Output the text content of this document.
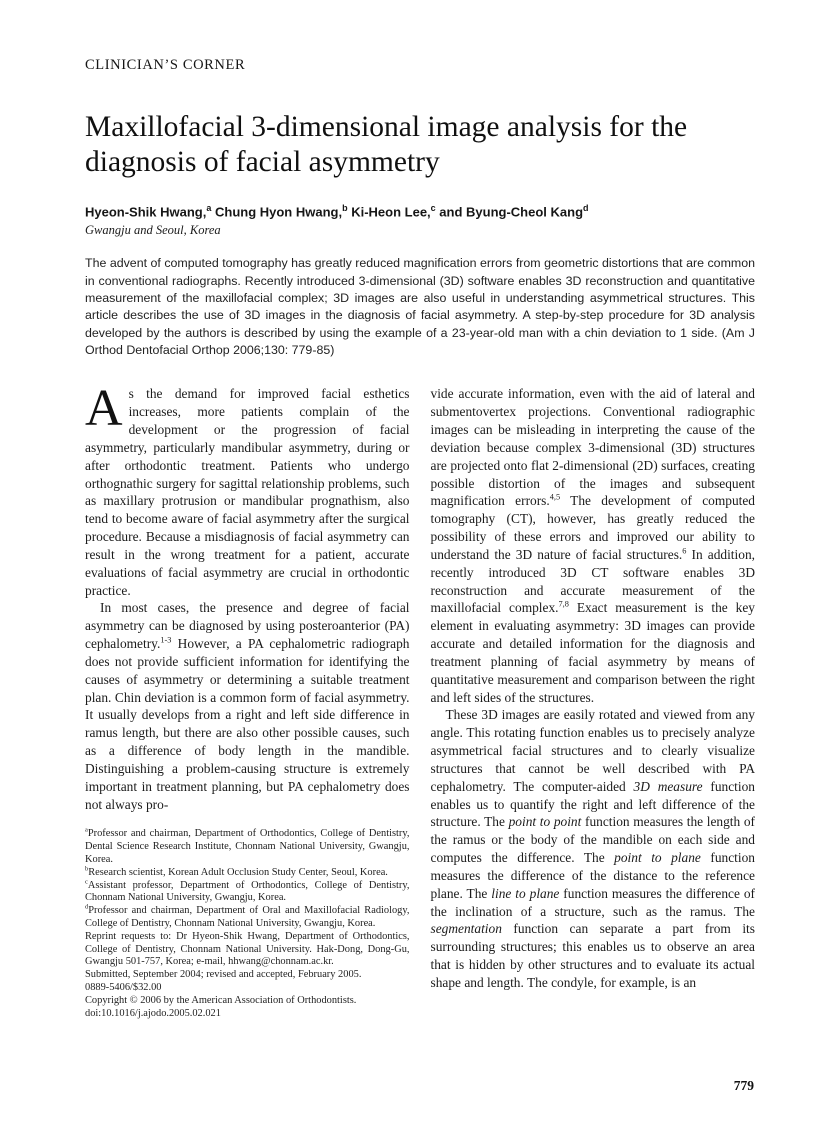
CLINICIAN’S CORNER
Maxillofacial 3-dimensional image analysis for the diagnosis of facial asymmetry
Hyeon-Shik Hwang,$^a$ Chung Hyon Hwang,$^b$ Ki-Heon Lee,$^c$ and Byung-Cheol Kang$^d$
Gwangju and Seoul, Korea

The advent of computed tomography has greatly reduced magnification errors from geometric distortions that are common in conventional radiographs. Recently introduced 3-dimensional (3D) software enables 3D reconstruction and quantitative measurement of the maxillofacial complex; 3D images are also useful in understanding asymmetrical structures. This article describes the use of 3D images in the diagnosis of facial asymmetry. A step-by-step procedure for 3D analysis developed by the authors is described by using the example of a 23-year-old man with a chin deviation to 1 side. (Am J Orthod Dentofacial Orthop 2006;130: 779-85)

As the demand for improved facial esthetics increases, more patients complain of the development or the progression of facial asymmetry, particularly mandibular asymmetry, during or after orthodontic treatment. Patients who undergo orthognathic surgery for sagittal relationship problems, such as maxillary protrusion or mandibular prognathism, also tend to become aware of facial asymmetry after the surgical procedure. Because a misdiagnosis of facial asymmetry can result in the wrong treatment for a patient, accurate evaluations of facial asymmetry are crucial in orthodontic practice.

In most cases, the presence and degree of facial asymmetry can be diagnosed by using posteroanterior (PA) cephalometry.$^{1-3}$ However, a PA cephalometric radiograph does not provide sufficient information for identifying the causes of asymmetry or determining a suitable treatment plan. Chin deviation is a common form of facial asymmetry. It usually develops from a right and left side difference in ramus length, but there are also other possible causes, such as a difference of body length in the mandible. Distinguishing a problem-causing structure is extremely important in treatment planning, but PA cephalometry does not always pro-

$^a$Professor and chairman, Department of Orthodontics, College of Dentistry, Dental Science Research Institute, Chonnam National University, Gwangju, Korea.

$^b$Research scientist, Korean Adult Occlusion Study Center, Seoul, Korea.

$^c$Assistant professor, Department of Orthodontics, College of Dentistry, Chonnam National University, Gwangju, Korea.

$^d$Professor and chairman, Department of Oral and Maxillofacial Radiology, College of Dentistry, Chonnam National University, Gwangju, Korea.

Reprint requests to: Dr Hyeon-Shik Hwang, Department of Orthodontics, College of Dentistry, Chonnam National University. Hak-Dong, Dong-Gu, Gwangju 501-757, Korea; e-mail, hhwang@chonnam.ac.kr.

Submitted, September 2004; revised and accepted, February 2005.

0889-5406/$32.00

Copyright © 2006 by the American Association of Orthodontists.

doi:10.1016/j.ajodo.2005.02.021

vide accurate information, even with the aid of lateral and submentovertex projections. Conventional radiographic images can be misleading in interpreting the cause of the deviation because complex 3-dimensional (3D) structures are projected onto flat 2-dimensional (2D) surfaces, creating possible distortion of the images and subsequent magnification errors.$^{4,5}$ The development of computed tomography (CT), however, has greatly reduced the possibility of these errors and improved our ability to understand the 3D nature of facial structures.$^6$ In addition, recently introduced 3D CT software enables 3D reconstruction and accurate measurement of the maxillofacial complex.$^{7,8}$ Exact measurement is the key element in evaluating asymmetry: 3D images can provide accurate and detailed information for the diagnosis and treatment planning of facial asymmetry by means of quantitative measurement and comparison between the right and left sides of the structures.

These 3D images are easily rotated and viewed from any angle. This rotating function enables us to precisely analyze asymmetrical facial structures and to clearly visualize structures that cannot be well described with PA cephalometry. The computer-aided 3D measure function enables us to quantify the right and left difference of the structure. The point to point function measures the length of the ramus or the body of the mandible on each side and computes the difference. The point to plane function measures the difference of the distance to the reference plane. The line to plane function measures the difference of the inclination of a structure, such as the ramus. The segmentation function can separate a part from its surrounding structures; this enables us to observe an area that is hidden by other structures and to evaluate its actual shape and length. The condyle, for example, is an

779
